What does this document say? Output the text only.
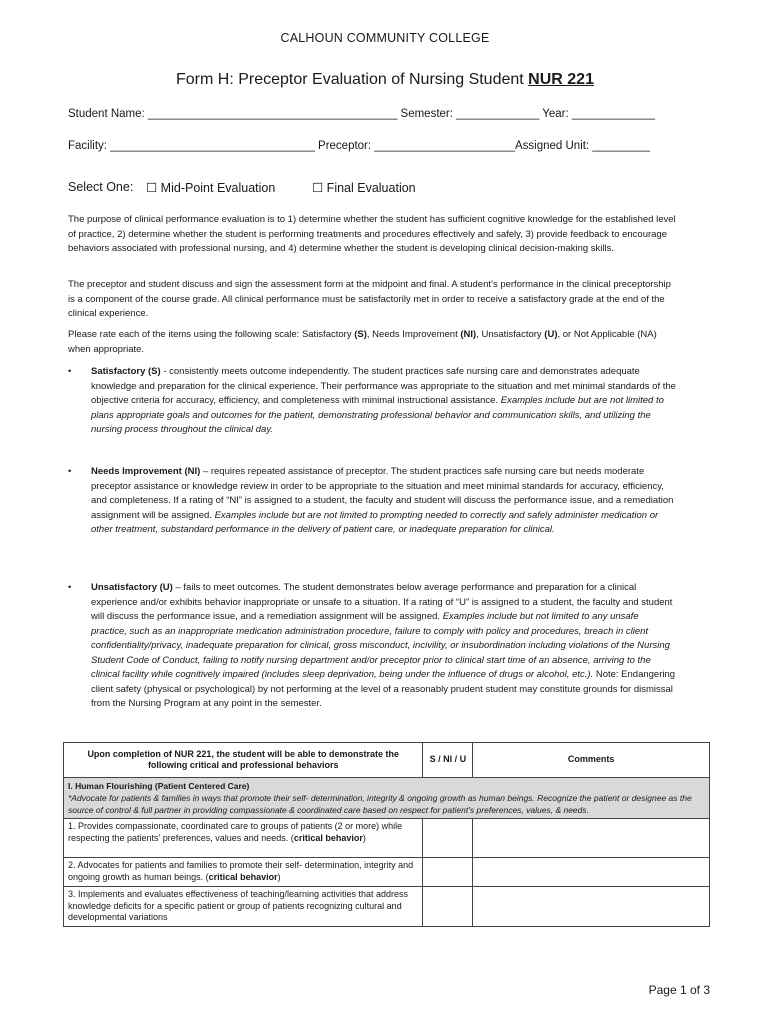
CALHOUN COMMUNITY COLLEGE
Form H: Preceptor Evaluation of Nursing Student NUR 221
Student Name: _______________________________________ Semester: _____________ Year: _____________
Facility: ________________________________ Preceptor: ______________________Assigned Unit: _________
Select One: ☐ Mid-Point Evaluation	☐ Final Evaluation
The purpose of clinical performance evaluation is to 1) determine whether the student has sufficient cognitive knowledge for the established level of practice, 2) determine whether the student is performing treatments and procedures effectively and safely, 3) provide feedback to encourage behaviors associated with professional nursing, and 4) determine whether the student is developing clinical decision-making skills.
The preceptor and student discuss and sign the assessment form at the midpoint and final. A student’s performance in the clinical preceptorship is a component of the course grade. All clinical performance must be satisfactorily met in order to receive a satisfactory grade at the end of the clinical experience.
Please rate each of the items using the following scale: Satisfactory (S), Needs Improvement (NI), Unsatisfactory (U), or Not Applicable (NA) when appropriate.
• Satisfactory (S) - consistently meets outcome independently. The student practices safe nursing care and demonstrates adequate knowledge and preparation for the clinical experience. Their performance was appropriate to the situation and met minimal standards of the objective criteria for accuracy, efficiency, and completeness with minimal instructional assistance. Examples include but are not limited to plans appropriate goals and outcomes for the patient, demonstrating professional behavior and communication skills, and utilizing the nursing process throughout the clinical day.
• Needs Improvement (NI) – requires repeated assistance of preceptor. The student practices safe nursing care but needs moderate preceptor assistance or knowledge review in order to be appropriate to the situation and meet minimal standards for accuracy, efficiency, and completeness. If a rating of “NI” is assigned to a student, the faculty and student will discuss the performance issue, and a remediation assignment will be assigned. Examples include but are not limited to prompting needed to correctly and safely administer medication or other treatment, substandard performance in the delivery of patient care, or inadequate preparation for clinical.
• Unsatisfactory (U) – fails to meet outcomes. The student demonstrates below average performance and preparation for a clinical experience and/or exhibits behavior inappropriate or unsafe to a situation. If a rating of “U” is assigned to a student, the faculty and student will discuss the performance issue, and a remediation assignment will be assigned. Examples include but not limited to any unsafe practice, such as an inappropriate medication administration procedure, failure to comply with policy and procedures, breach in client confidentiality/privacy, inadequate preparation for clinical, gross misconduct, incivility, or insubordination including violations of the Nursing Student Code of Conduct, failing to notify nursing department and/or preceptor prior to clinical start time of an absence, arriving to the clinical facility while cognitively impaired (includes sleep deprivation, being under the influence of drugs or alcohol, etc.). Note: Endangering client safety (physical or psychological) by not performing at the level of a reasonably prudent student may constitute grounds for dismissal from the Nursing Program at any point in the semester.
Upon completion of NUR 221, the student will be able to demonstrate the following critical and professional behaviors	S / NI / U	Comments
I. Human Flourishing (Patient Centered Care)
*Advocate for patients & families in ways that promote their self- determination, integrity & ongoing growth as human beings. Recognize the patient or designee as the source of control & full partner in providing compassionate & coordinated care based on respect for patient’s preferences, values, & needs.		
1. Provides compassionate, coordinated care to groups of patients (2 or more) while respecting the patients’ preferences, values and needs. (critical behavior)		
2. Advocates for patients and families to promote their self- determination, integrity and ongoing growth as human beings. (critical behavior)		
3. Implements and evaluates effectiveness of teaching/learning activities that address knowledge deficits for a specific patient or group of patients recognizing cultural and developmental variations		
Page 1 of 3
